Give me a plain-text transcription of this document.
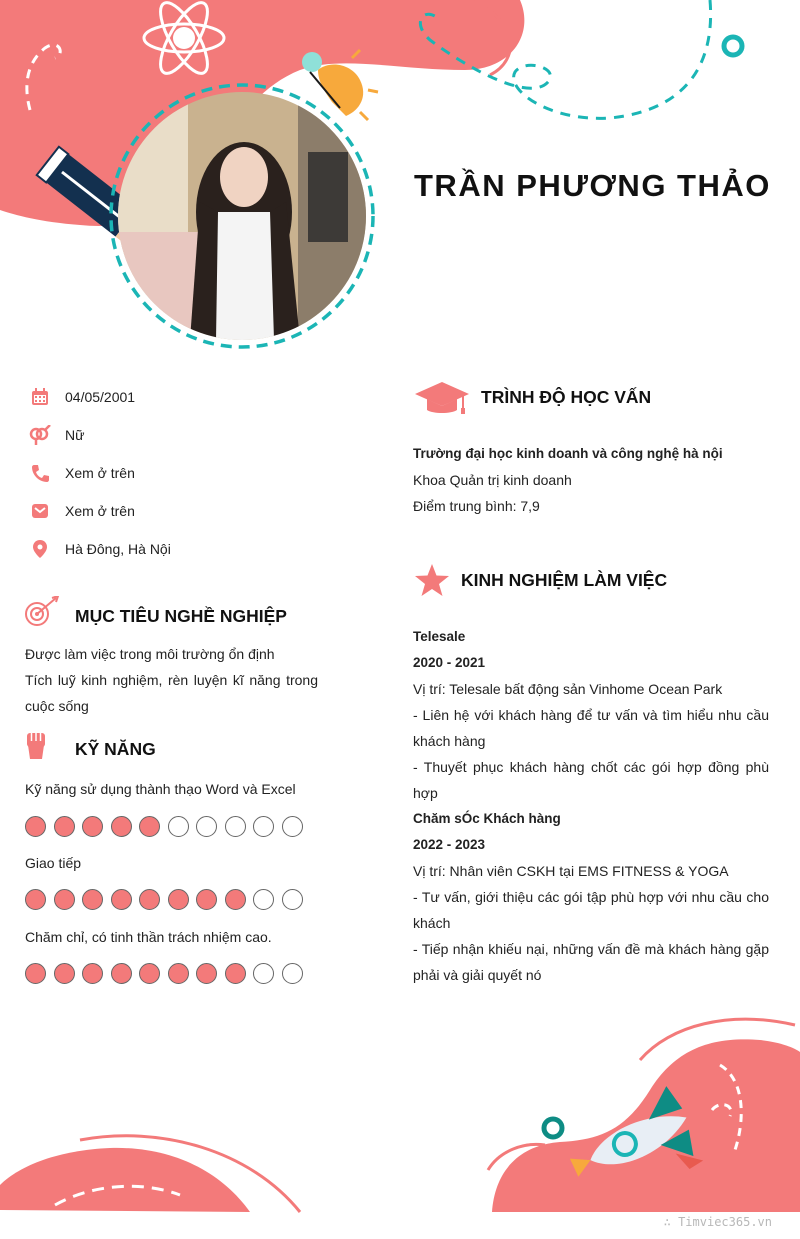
TRẦN PHƯƠNG THẢO
04/05/2001
Nữ
Xem ở trên
Xem ở trên
Hà Đông, Hà Nội
MỤC TIÊU NGHỀ NGHIỆP
Được làm việc trong môi trường ổn định
Tích luỹ kinh nghiệm, rèn luyện kĩ năng trong cuộc sống
KỸ NĂNG
Kỹ năng sử dụng thành thạo Word và Excel
Giao tiếp
Chăm chỉ, có tinh thần trách nhiệm cao.
TRÌNH ĐỘ HỌC VẤN
Trường đại học kinh doanh và công nghệ hà nội
Khoa Quản trị kinh doanh
Điểm trung bình: 7,9
KINH NGHIỆM LÀM VIỆC
Telesale
2020 - 2021
Vị trí: Telesale bất động sản Vinhome Ocean Park
- Liên hệ với khách hàng để tư vấn và tìm hiểu nhu cầu khách hàng
- Thuyết phục khách hàng chốt các gói hợp đồng phù hợp
Chăm sÓc Khách hàng
2022 - 2023
Vị trí: Nhân viên CSKH tại EMS FITNESS & YOGA
- Tư vấn, giới thiệu các gói tập phù hợp với nhu cầu cho khách
- Tiếp nhận khiếu nại, những vấn đề mà khách hàng gặp phải và giải quyết nó
∴ Timviec365.vn
